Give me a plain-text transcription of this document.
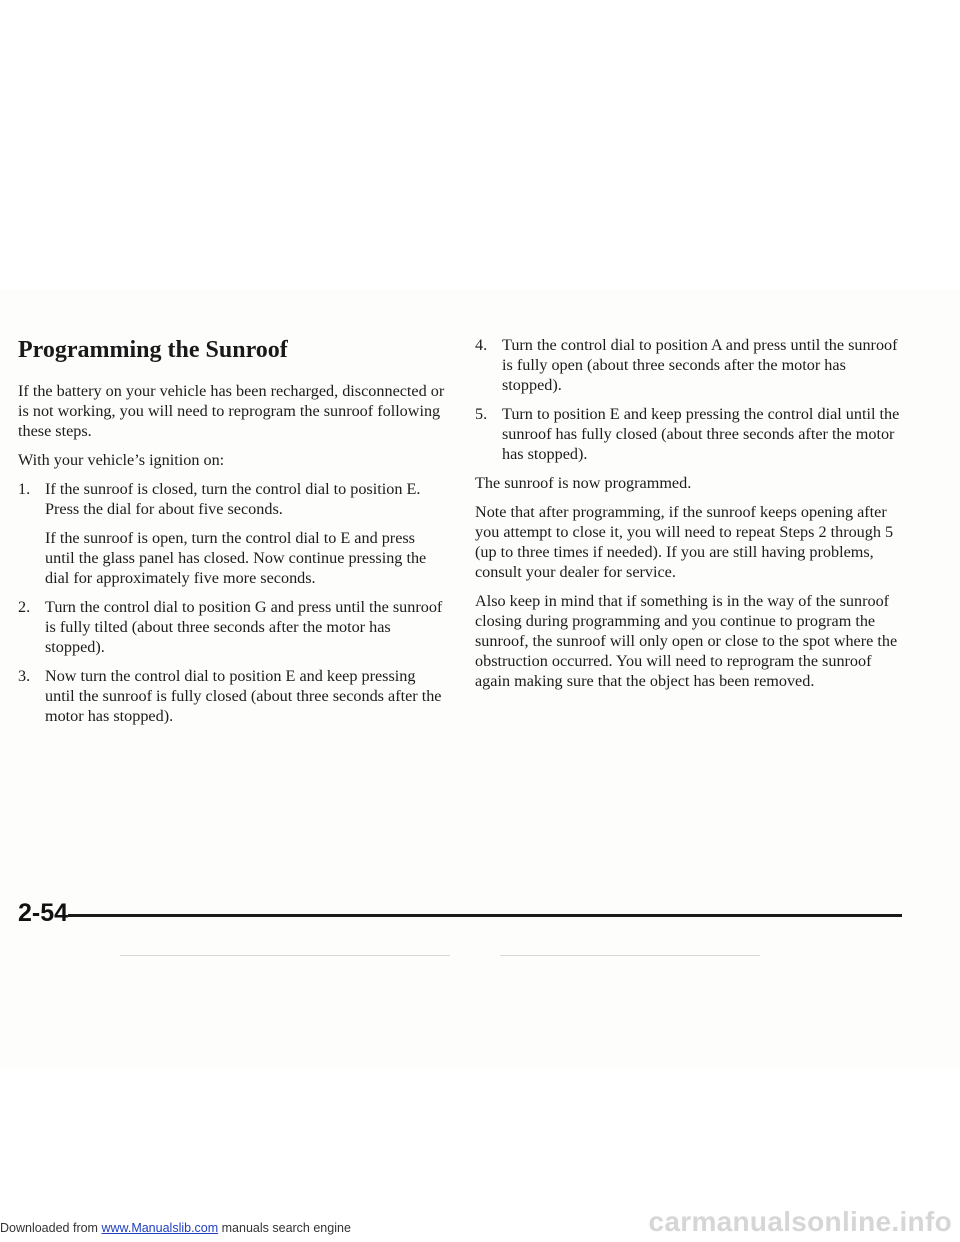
Programming the Sunroof

If the battery on your vehicle has been recharged, disconnected or is not working, you will need to reprogram the sunroof following these steps.

With your vehicle’s ignition on:

1. If the sunroof is closed, turn the control dial to position E. Press the dial for about five seconds.
If the sunroof is open, turn the control dial to E and press until the glass panel has closed. Now continue pressing the dial for approximately five more seconds.
2. Turn the control dial to position G and press until the sunroof is fully tilted (about three seconds after the motor has stopped).
3. Now turn the control dial to position E and keep pressing until the sunroof is fully closed (about three seconds after the motor has stopped).
4. Turn the control dial to position A and press until the sunroof is fully open (about three seconds after the motor has stopped).
5. Turn to position E and keep pressing the control dial until the sunroof has fully closed (about three seconds after the motor has stopped).

The sunroof is now programmed.

Note that after programming, if the sunroof keeps opening after you attempt to close it, you will need to repeat Steps 2 through 5 (up to three times if needed). If you are still having problems, consult your dealer for service.

Also keep in mind that if something is in the way of the sunroof closing during programming and you continue to program the sunroof, the sunroof will only open or close to the spot where the obstruction occurred. You will need to reprogram the sunroof again making sure that the object has been removed.

2-54
Downloaded from www.Manualslib.com manuals search engine	carmanualsonline.info
